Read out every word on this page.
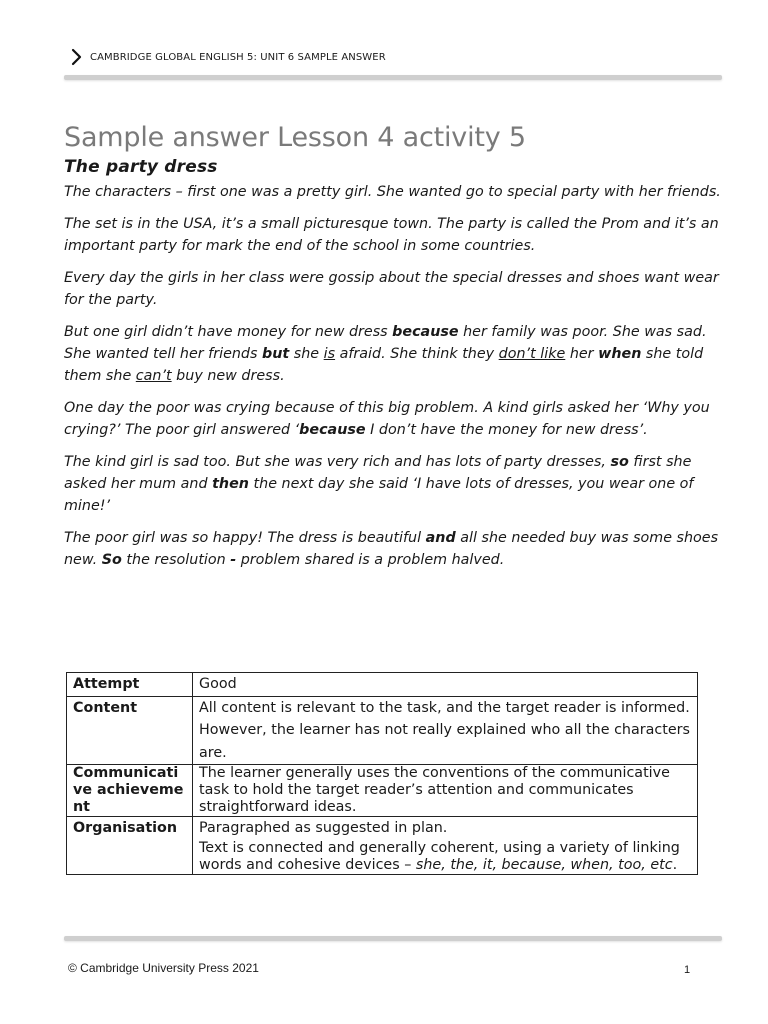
CAMBRIDGE GLOBAL ENGLISH 5: UNIT 6 SAMPLE ANSWER
Sample answer Lesson 4 activity 5
The party dress

The characters – first one was a pretty girl. She wanted go to special party with her friends.

The set is in the USA, it’s a small picturesque town. The party is called the Prom and it’s an important party for mark the end of the school in some countries.

Every day the girls in her class were gossip about the special dresses and shoes want wear for the party.

But one girl didn’t have money for new dress because her family was poor. She was sad.

She wanted tell her friends but she is afraid. She think they don’t like her when she told them she can’t buy new dress.

One day the poor was crying because of this big problem. A kind girls asked her ‘Why you crying?’ The poor girl answered ‘because I don’t have the money for new dress’.

The kind girl is sad too. But she was very rich and has lots of party dresses, so first she asked her mum and then the next day she said ‘I have lots of dresses, you wear one of mine!’

The poor girl was so happy! The dress is beautiful and all she needed buy was some shoes new. So the resolution - problem shared is a problem halved.

Attempt	Good
Content	All content is relevant to the task, and the target reader is informed.
However, the learner has not really explained who all the characters are.

Communicative achievement	The learner generally uses the conventions of the communicative task to hold the target reader’s attention and communicates straightforward ideas.

Organisation	Paragraphed as suggested in plan.
Text is connected and generally coherent, using a variety of linking words and cohesive devices – she, the, it, because, when, too, etc.
© Cambridge University Press 2021	1
